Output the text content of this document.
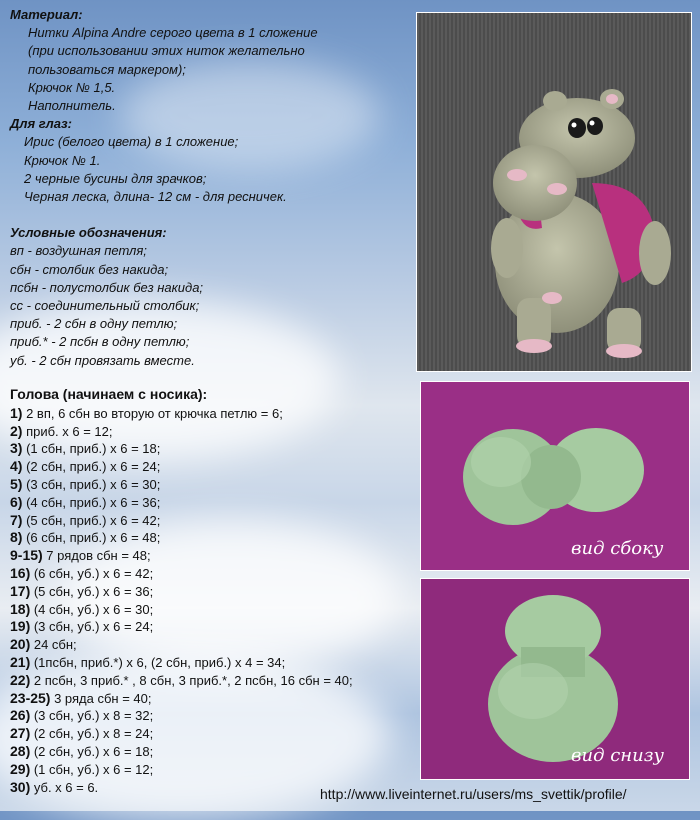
Материал:
Нитки Alpina Andre серого цвета в 1 сложение
(при использовании этих ниток желательно
пользоваться маркером);
Крючок № 1,5.
Наполнитель.
Для глаз:
Ирис (белого цвета) в 1 сложение;
Крючок № 1.
2 черные бусины для зрачков;
Черная леска, длина- 12 см - для ресничек.
Условные обозначения:
вп - воздушная петля;
сбн - столбик без накида;
псбн - полустолбик без накида;
сс - соединительный столбик;
приб. - 2 сбн в одну петлю;
приб.* - 2 псбн в одну петлю;
уб. - 2 сбн провязать вместе.
Голова (начинаем с носика):
1) 2 вп, 6 сбн во вторую от крючка петлю = 6;
2) приб. х 6 = 12;
3) (1 сбн, приб.) х 6 = 18;
4) (2 сбн, приб.) х 6 = 24;
5) (3 сбн, приб.) х 6 = 30;
6) (4 сбн, приб.) х 6 = 36;
7) (5 сбн, приб.) х 6 = 42;
8) (6 сбн, приб.) х 6 = 48;
9-15) 7 рядов сбн = 48;
16) (6 сбн, уб.) х 6 = 42;
17) (5 сбн, уб.) х 6 = 36;
18) (4 сбн, уб.) х 6 = 30;
19) (3 сбн, уб.) х 6 = 24;
20) 24 сбн;
21) (1псбн, приб.*) х 6, (2 сбн, приб.) х 4 = 34;
22) 2 псбн, 3 приб.* , 8 сбн, 3 приб.*, 2 псбн, 16 сбн = 40;
23-25) 3 ряда сбн = 40;
26) (3 сбн, уб.) х 8 = 32;
27) (2 сбн, уб.) х 8 = 24;
28) (2 сбн, уб.) х 6 = 18;
29) (1 сбн, уб.) х 6 = 12;
30) уб. х 6 = 6.
вид сбоку
вид снизу
http://www.liveinternet.ru/users/ms_svettik/profile/
